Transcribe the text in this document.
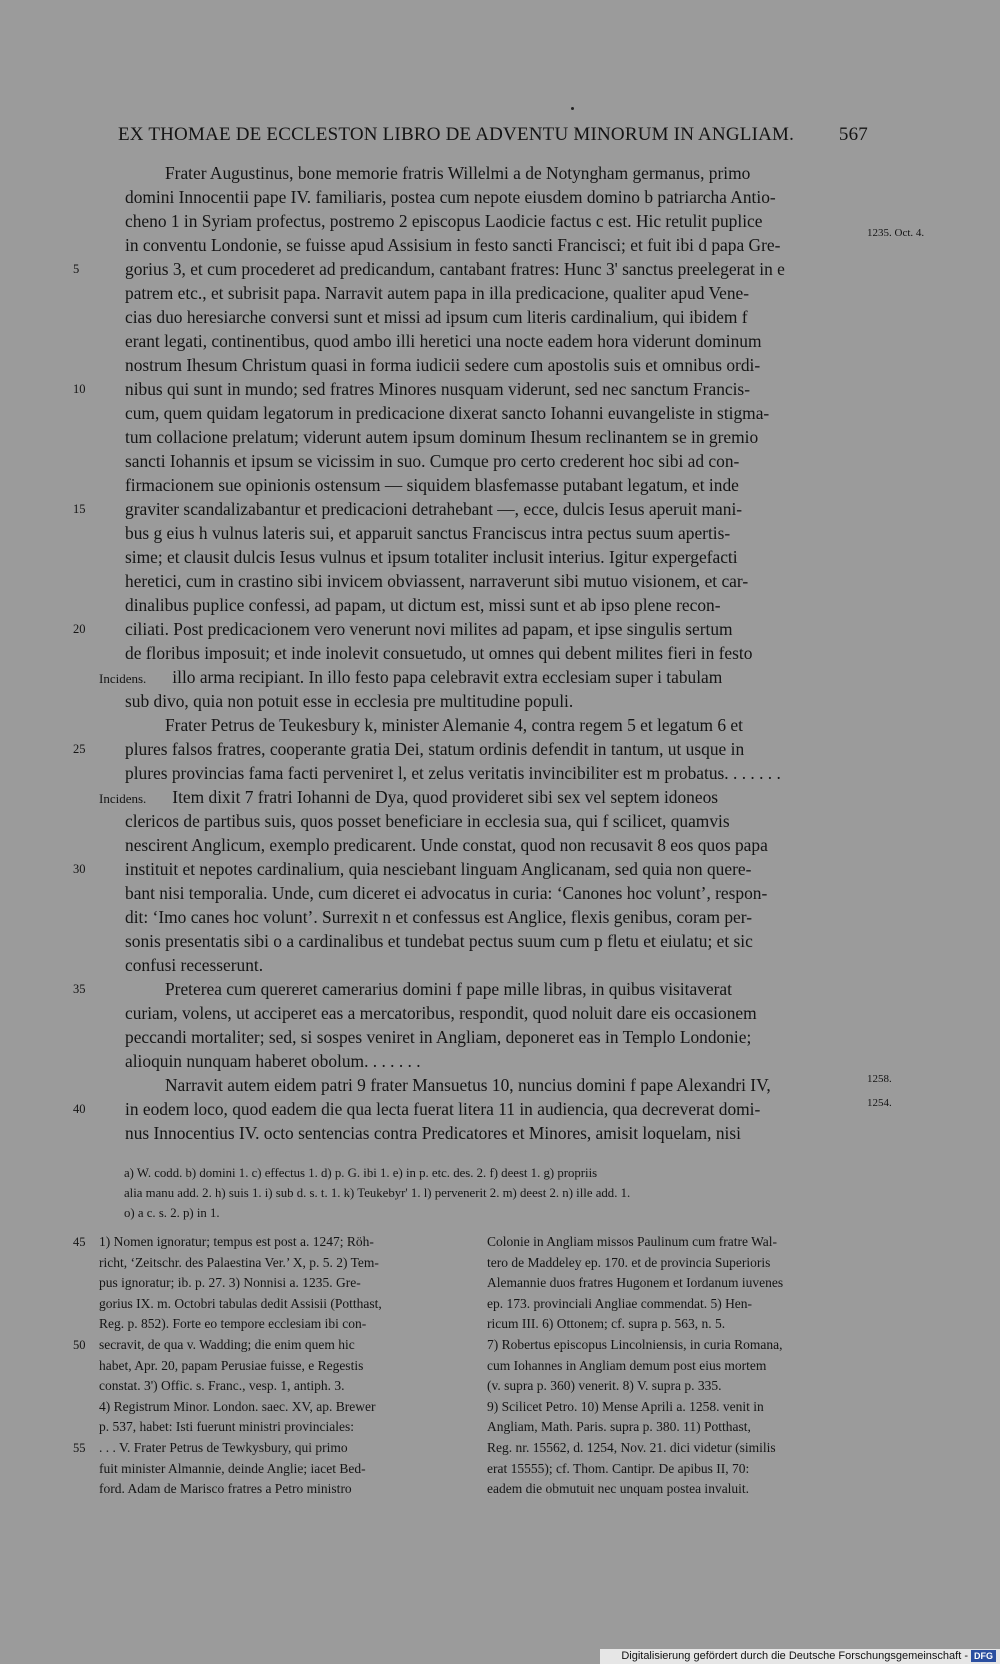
EX THOMAE DE ECCLESTON LIBRO DE ADVENTU MINORUM IN ANGLIAM. 567
Frater Augustinus, bone memorie fratris Willelmi a de Notyngham germanus, primo
domini Innocentii pape IV. familiaris, postea cum nepote eiusdem domino b patriarcha Antio-
cheno 1 in Syriam profectus, postremo 2 episcopus Laodicie factus c est. Hic retulit puplice
in conventu Londonie, se fuisse apud Assisium in festo sancti Francisci; et fuit ibi d papa Gre-
1235. Oct. 4.
5	gorius 3, et cum procederet ad predicandum, cantabant fratres: Hunc 3' sanctus preelegerat in e
patrem etc., et subrisit papa. Narravit autem papa in illa predicacione, qualiter apud Vene-
cias duo heresiarche conversi sunt et missi ad ipsum cum literis cardinalium, qui ibidem f
erant legati, continentibus, quod ambo illi heretici una nocte eadem hora viderunt dominum
nostrum Ihesum Christum quasi in forma iudicii sedere cum apostolis suis et omnibus ordi-
10	nibus qui sunt in mundo; sed fratres Minores nusquam viderunt, sed nec sanctum Francis-
cum, quem quidam legatorum in predicacione dixerat sancto Iohanni euvangeliste in stigma-
tum collacione prelatum; viderunt autem ipsum dominum Ihesum reclinantem se in gremio
sancti Iohannis et ipsum se vicissim in suo. Cumque pro certo crederent hoc sibi ad con-
firmacionem sue opinionis ostensum — siquidem blasfemasse putabant legatum, et inde
15	graviter scandalizabantur et predicacioni detrahebant —, ecce, dulcis Iesus aperuit mani-
bus g eius h vulnus lateris sui, et apparuit sanctus Franciscus intra pectus suum apertis-
sime; et clausit dulcis Iesus vulnus et ipsum totaliter inclusit interius. Igitur expergefacti
heretici, cum in crastino sibi invicem obviassent, narraverunt sibi mutuo visionem, et car-
dinalibus puplice confessi, ad papam, ut dictum est, missi sunt et ab ipso plene recon-
20	ciliati. Post predicacionem vero venerunt novi milites ad papam, et ipse singulis sertum
de floribus imposuit; et inde inolevit consuetudo, ut omnes qui debent milites fieri in festo
Incidens. illo arma recipiant. In illo festo papa celebravit extra ecclesiam super i tabulam
sub divo, quia non potuit esse in ecclesia pre multitudine populi.
Frater Petrus de Teukesbury k, minister Alemanie 4, contra regem 5 et legatum 6 et
25	plures falsos fratres, cooperante gratia Dei, statum ordinis defendit in tantum, ut usque in
plures provincias fama facti perveniret l, et zelus veritatis invincibiliter est m probatus. . . . . . .
Incidens. Item dixit 7 fratri Iohanni de Dya, quod provideret sibi sex vel septem idoneos
clericos de partibus suis, quos posset beneficiare in ecclesia sua, qui f scilicet, quamvis
nescirent Anglicum, exemplo predicarent. Unde constat, quod non recusavit 8 eos quos papa
30	instituit et nepotes cardinalium, quia nesciebant linguam Anglicanam, sed quia non quere-
bant nisi temporalia. Unde, cum diceret ei advocatus in curia: ‘Canones hoc volunt’, respon-
dit: ‘Imo canes hoc volunt’. Surrexit n et confessus est Anglice, flexis genibus, coram per-
sonis presentatis sibi o a cardinalibus et tundebat pectus suum cum p fletu et eiulatu; et sic
confusi recesserunt.
35	Preterea cum quereret camerarius domini f pape mille libras, in quibus visitaverat
curiam, volens, ut acciperet eas a mercatoribus, respondit, quod noluit dare eis occasionem
peccandi mortaliter; sed, si sospes veniret in Angliam, deponeret eas in Templo Londonie;
alioquin nunquam haberet obolum. . . . . . .
Narravit autem eidem patri 9 frater Mansuetus 10, nuncius domini f pape Alexandri IV,	1258.
40	in eodem loco, quod eadem die qua lecta fuerat litera 11 in audiencia, qua decreverat domi-	1254.
nus Innocentius IV. octo sentencias contra Predicatores et Minores, amisit loquelam, nisi
a) W. codd. b) domini 1. c) effectus 1. d) p. G. ibi 1. e) in p. etc. des. 2. f) deest 1. g) propriis
alia manu add. 2. h) suis 1. i) sub d. s. t. 1. k) Teukebyr' 1. l) pervenerit 2. m) deest 2. n) ille add. 1.
o) a c. s. 2. p) in 1.
45 1) Nomen ignoratur; tempus est post a. 1247; Röh-
richt, ‘Zeitschr. des Palaestina Ver.’ X, p. 5. 2) Tem-
pus ignoratur; ib. p. 27. 3) Nonnisi a. 1235. Gre-
gorius IX. m. Octobri tabulas dedit Assisii (Potthast,
Reg. p. 852). Forte eo tempore ecclesiam ibi con-
50 secravit, de qua v. Wadding; die enim quem hic
habet, Apr. 20, papam Perusiae fuisse, e Regestis
constat. 3') Offic. s. Franc., vesp. 1, antiph. 3.
4) Registrum Minor. London. saec. XV, ap. Brewer
p. 537, habet: Isti fuerunt ministri provinciales:
55 . . . V. Frater Petrus de Tewkysbury, qui primo
fuit minister Almannie, deinde Anglie; iacet Bed-
ford. Adam de Marisco fratres a Petro ministro
Colonie in Angliam missos Paulinum cum fratre Wal-
tero de Maddeley ep. 170. et de provincia Superioris
Alemannie duos fratres Hugonem et Iordanum iuvenes
ep. 173. provinciali Angliae commendat. 5) Hen-
ricum III. 6) Ottonem; cf. supra p. 563, n. 5.
7) Robertus episcopus Lincolniensis, in curia Romana,
cum Iohannes in Angliam demum post eius mortem
(v. supra p. 360) venerit. 8) V. supra p. 335.
9) Scilicet Petro. 10) Mense Aprili a. 1258. venit in
Angliam, Math. Paris. supra p. 380. 11) Potthast,
Reg. nr. 15562, d. 1254, Nov. 21. dici videtur (similis
erat 15555); cf. Thom. Cantipr. De apibus II, 70:
eadem die obmutuit nec unquam postea invaluit.
Digitalisierung gefördert durch die Deutsche Forschungsgemeinschaft - DFG
